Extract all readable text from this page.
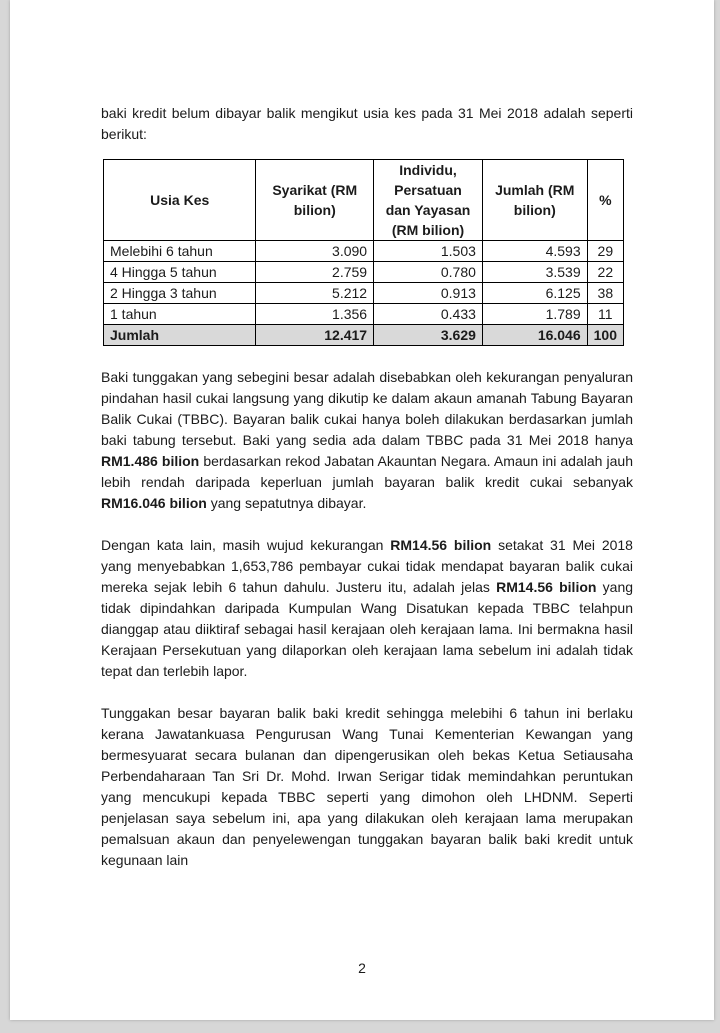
baki kredit belum dibayar balik mengikut usia kes pada 31 Mei 2018 adalah seperti berikut:

Usia Kes	Syarikat (RM bilion)	Individu, Persatuan dan Yayasan (RM bilion)	Jumlah (RM bilion)	%
Melebihi 6 tahun	3.090	1.503	4.593	29
4 Hingga 5 tahun	2.759	0.780	3.539	22
2 Hingga 3 tahun	5.212	0.913	6.125	38
1 tahun	1.356	0.433	1.789	11
Jumlah	12.417	3.629	16.046	100

Baki tunggakan yang sebegini besar adalah disebabkan oleh kekurangan penyaluran pindahan hasil cukai langsung yang dikutip ke dalam akaun amanah Tabung Bayaran Balik Cukai (TBBC). Bayaran balik cukai hanya boleh dilakukan berdasarkan jumlah baki tabung tersebut. Baki yang sedia ada dalam TBBC pada 31 Mei 2018 hanya RM1.486 bilion berdasarkan rekod Jabatan Akauntan Negara. Amaun ini adalah jauh lebih rendah daripada keperluan jumlah bayaran balik kredit cukai sebanyak RM16.046 bilion yang sepatutnya dibayar.

Dengan kata lain, masih wujud kekurangan RM14.56 bilion setakat 31 Mei 2018 yang menyebabkan 1,653,786 pembayar cukai tidak mendapat bayaran balik cukai mereka sejak lebih 6 tahun dahulu. Justeru itu, adalah jelas RM14.56 bilion yang tidak dipindahkan daripada Kumpulan Wang Disatukan kepada TBBC telahpun dianggap atau diiktiraf sebagai hasil kerajaan oleh kerajaan lama. Ini bermakna hasil Kerajaan Persekutuan yang dilaporkan oleh kerajaan lama sebelum ini adalah tidak tepat dan terlebih lapor.

Tunggakan besar bayaran balik baki kredit sehingga melebihi 6 tahun ini berlaku kerana Jawatankuasa Pengurusan Wang Tunai Kementerian Kewangan yang bermesyuarat secara bulanan dan dipengerusikan oleh bekas Ketua Setiausaha Perbendaharaan Tan Sri Dr. Mohd. Irwan Serigar tidak memindahkan peruntukan yang mencukupi kepada TBBC seperti yang dimohon oleh LHDNM. Seperti penjelasan saya sebelum ini, apa yang dilakukan oleh kerajaan lama merupakan pemalsuan akaun dan penyelewengan tunggakan bayaran balik baki kredit untuk kegunaan lain

2
